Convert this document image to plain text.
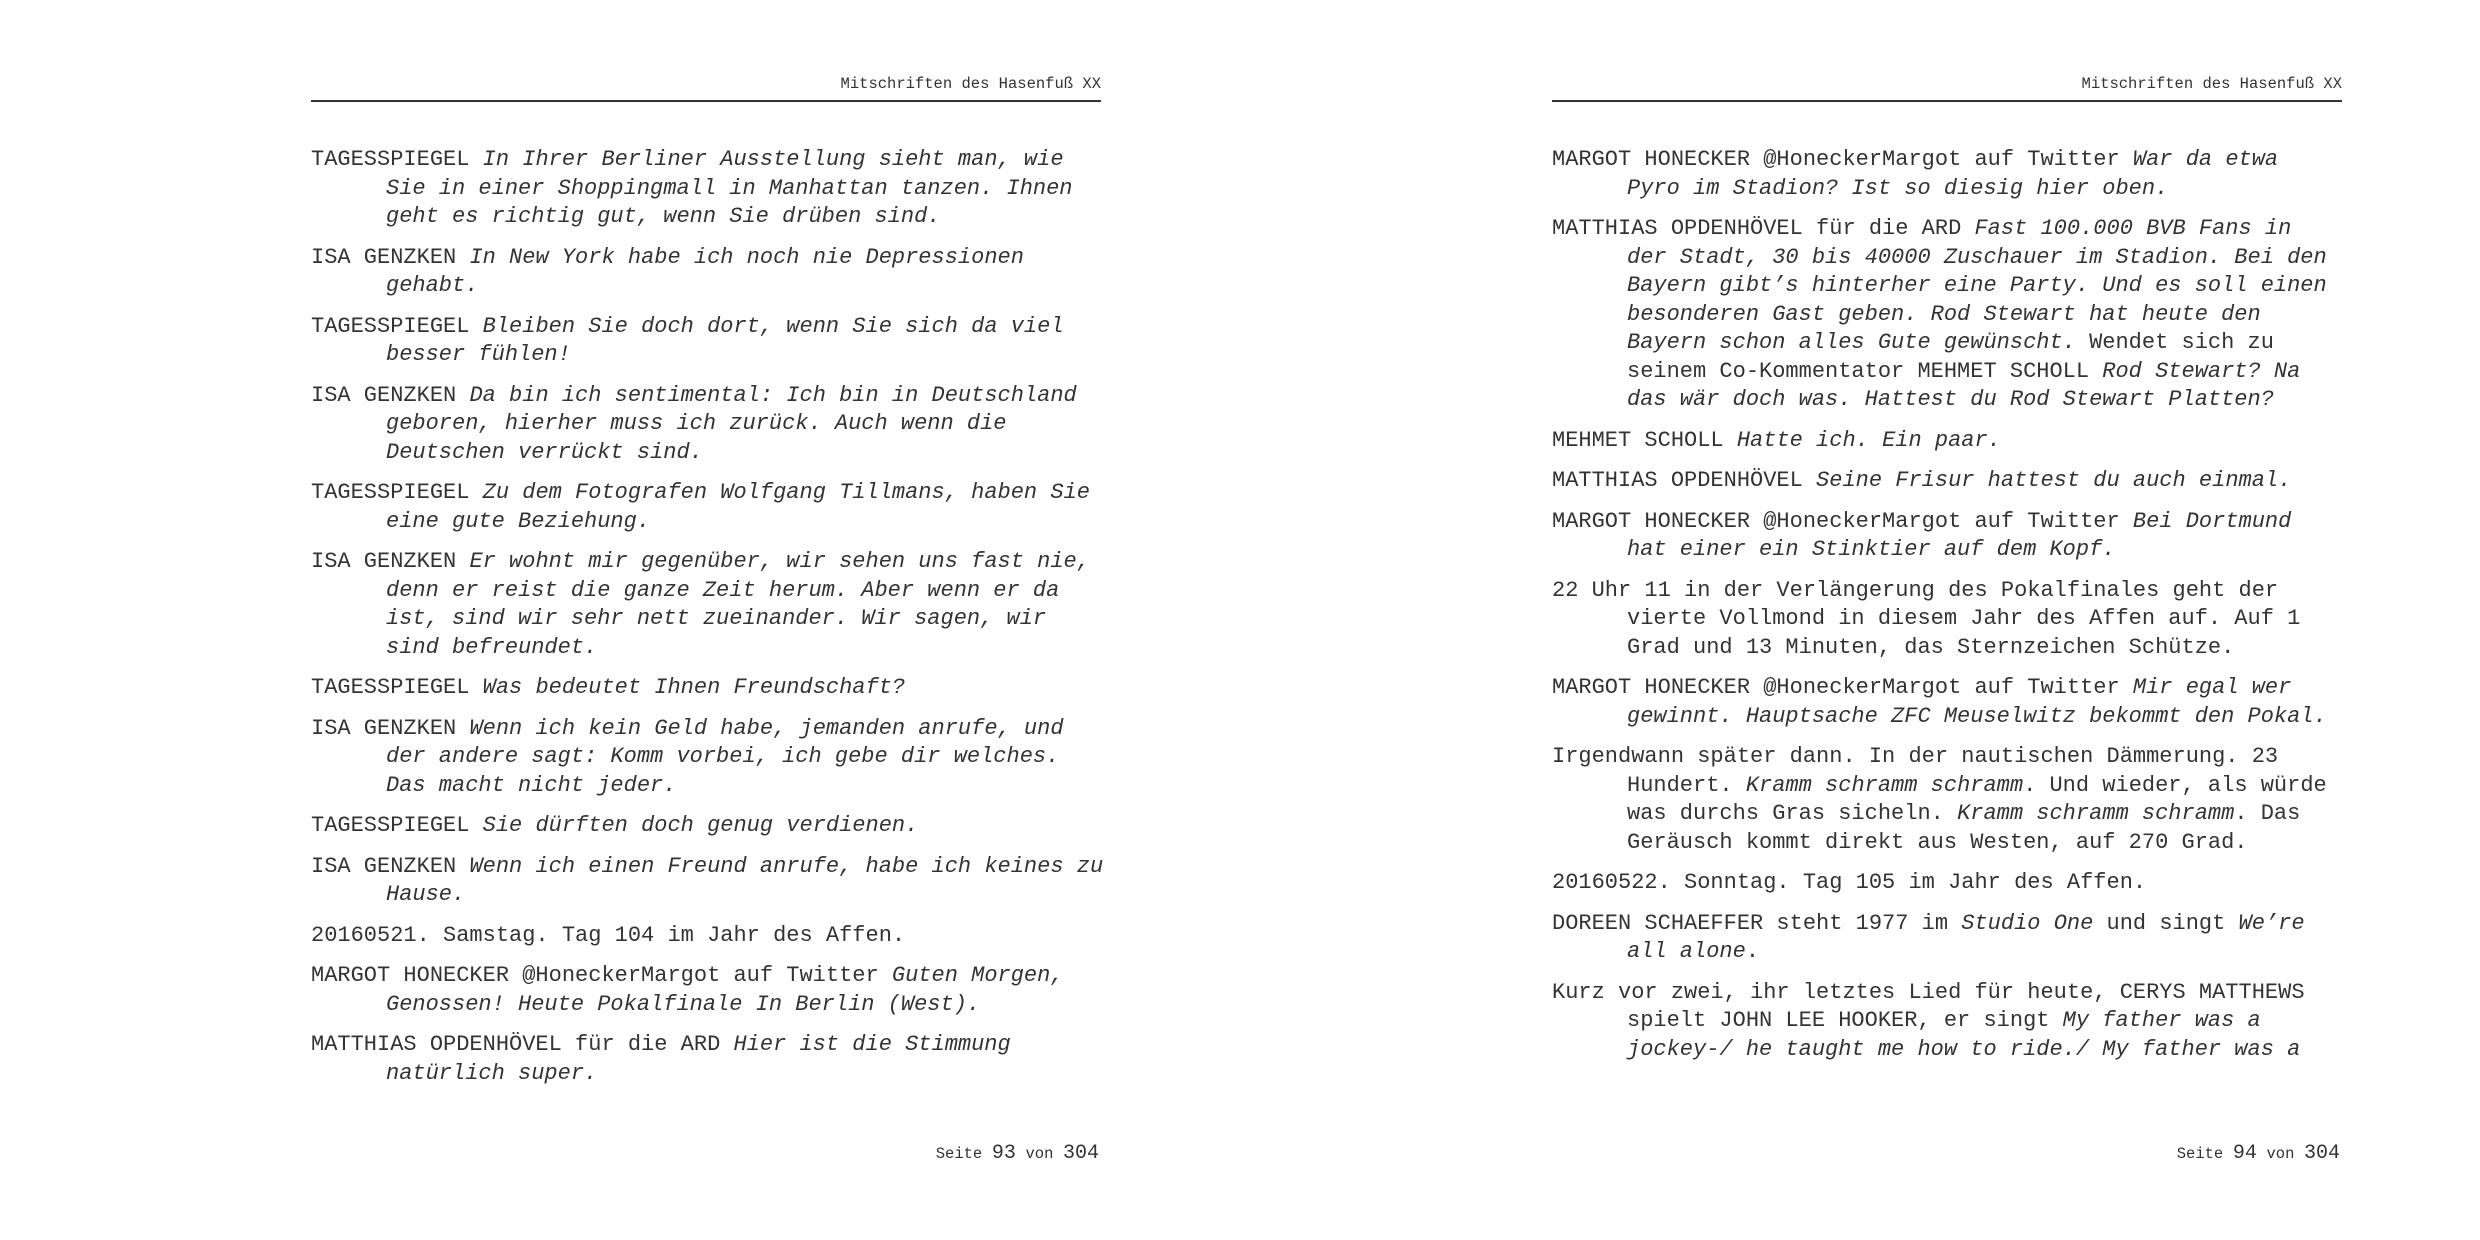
Mitschriften des Hasenfuß XX
TAGESSPIEGEL In Ihrer Berliner Ausstellung sieht man, wie
Sie in einer Shoppingmall in Manhattan tanzen. Ihnen
geht es richtig gut, wenn Sie drüben sind.
ISA GENZKEN In New York habe ich noch nie Depressionen
gehabt.
TAGESSPIEGEL Bleiben Sie doch dort, wenn Sie sich da viel
besser fühlen!
ISA GENZKEN Da bin ich sentimental: Ich bin in Deutschland
geboren, hierher muss ich zurück. Auch wenn die
Deutschen verrückt sind.
TAGESSPIEGEL Zu dem Fotografen Wolfgang Tillmans, haben Sie
eine gute Beziehung.
ISA GENZKEN Er wohnt mir gegenüber, wir sehen uns fast nie,
denn er reist die ganze Zeit herum. Aber wenn er da
ist, sind wir sehr nett zueinander. Wir sagen, wir
sind befreundet.
TAGESSPIEGEL Was bedeutet Ihnen Freundschaft?
ISA GENZKEN Wenn ich kein Geld habe, jemanden anrufe, und
der andere sagt: Komm vorbei, ich gebe dir welches.
Das macht nicht jeder.
TAGESSPIEGEL Sie dürften doch genug verdienen.
ISA GENZKEN Wenn ich einen Freund anrufe, habe ich keines zu
Hause.
20160521. Samstag. Tag 104 im Jahr des Affen.
MARGOT HONECKER @HoneckerMargot auf Twitter Guten Morgen,
Genossen! Heute Pokalfinale In Berlin (West).
MATTHIAS OPDENHÖVEL für die ARD Hier ist die Stimmung
natürlich super.
Seite 93 von 304
Mitschriften des Hasenfuß XX
MARGOT HONECKER @HoneckerMargot auf Twitter War da etwa
Pyro im Stadion? Ist so diesig hier oben.
MATTHIAS OPDENHÖVEL für die ARD Fast 100.000 BVB Fans in
der Stadt, 30 bis 40000 Zuschauer im Stadion. Bei den
Bayern gibt’s hinterher eine Party. Und es soll einen
besonderen Gast geben. Rod Stewart hat heute den
Bayern schon alles Gute gewünscht. Wendet sich zu
seinem Co-Kommentator MEHMET SCHOLL Rod Stewart? Na
das wär doch was. Hattest du Rod Stewart Platten?
MEHMET SCHOLL Hatte ich. Ein paar.
MATTHIAS OPDENHÖVEL Seine Frisur hattest du auch einmal.
MARGOT HONECKER @HoneckerMargot auf Twitter Bei Dortmund
hat einer ein Stinktier auf dem Kopf.
22 Uhr 11 in der Verlängerung des Pokalfinales geht der
vierte Vollmond in diesem Jahr des Affen auf. Auf 1
Grad und 13 Minuten, das Sternzeichen Schütze.
MARGOT HONECKER @HoneckerMargot auf Twitter Mir egal wer
gewinnt. Hauptsache ZFC Meuselwitz bekommt den Pokal.
Irgendwann später dann. In der nautischen Dämmerung. 23
Hundert. Kramm schramm schramm. Und wieder, als würde
was durchs Gras sicheln. Kramm schramm schramm. Das
Geräusch kommt direkt aus Westen, auf 270 Grad.
20160522. Sonntag. Tag 105 im Jahr des Affen.
DOREEN SCHAEFFER steht 1977 im Studio One und singt We’re
all alone.
Kurz vor zwei, ihr letztes Lied für heute, CERYS MATTHEWS
spielt JOHN LEE HOOKER, er singt My father was a
jockey-/ he taught me how to ride./ My father was a
Seite 94 von 304
